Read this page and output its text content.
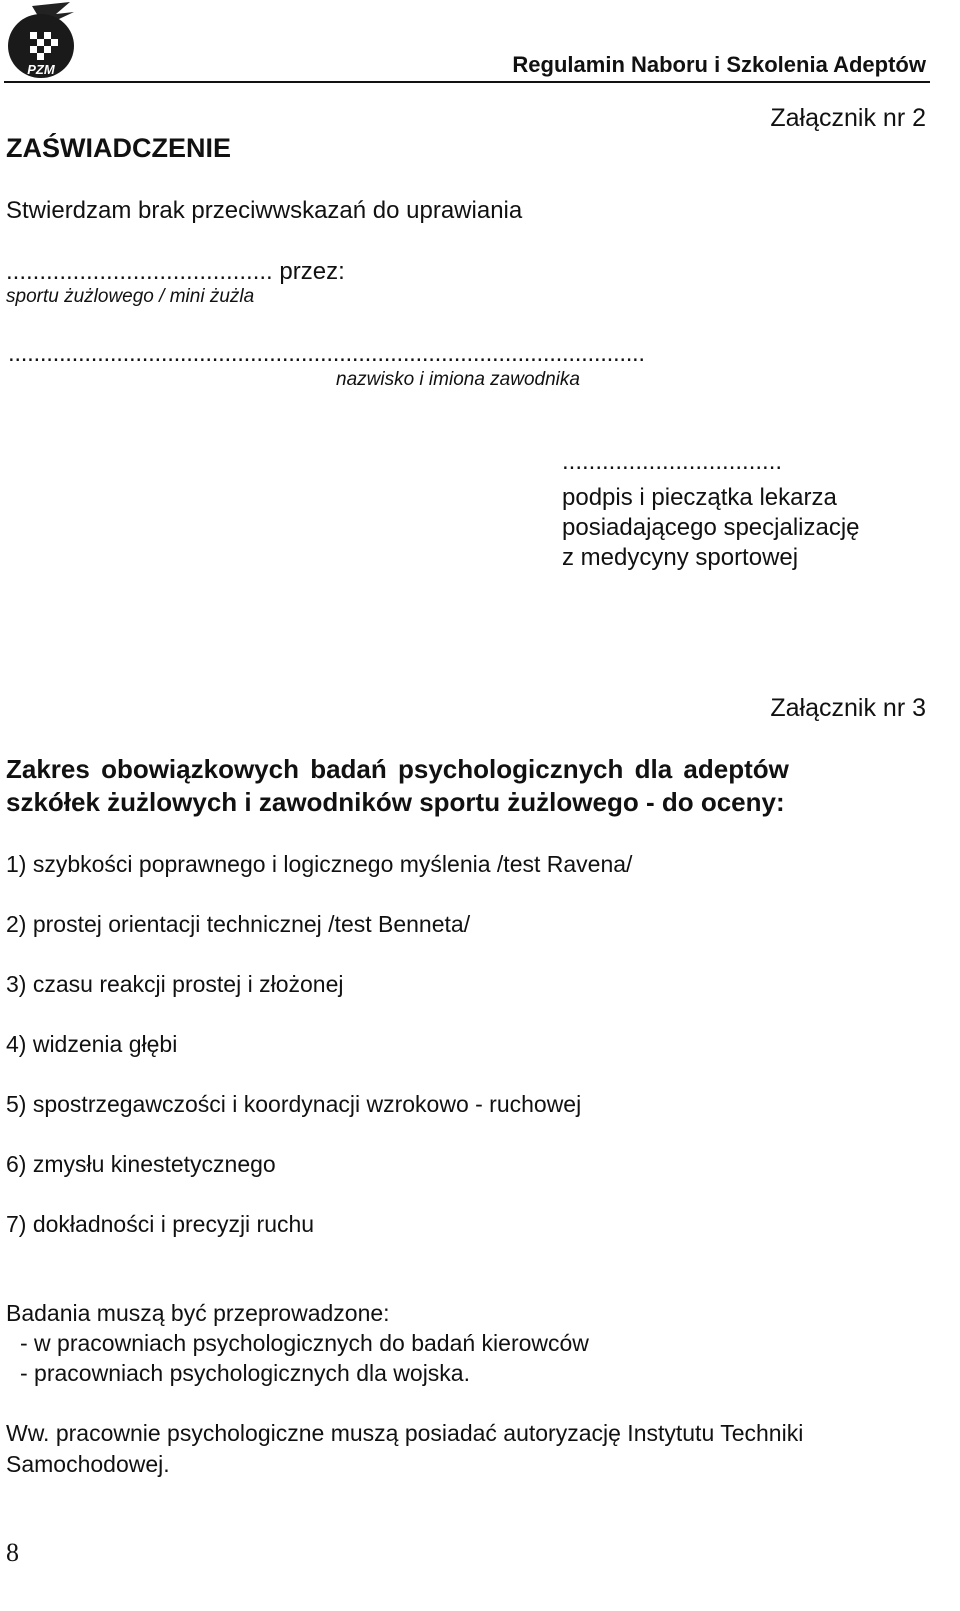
PZM	Regulamin Naboru i Szkolenia Adeptów
Załącznik nr 2
ZAŚWIADCZENIE
Stwierdzam brak przeciwwskazań do uprawiania
........................................ przez:
sportu żużlowego / mini żużla
....................................................................................................
nazwisko i imiona zawodnika
.................................
podpis i pieczątka lekarza
posiadającego specjalizację
z medycyny sportowej
Załącznik nr 3
Zakres obowiązkowych badań psychologicznych dla adeptów
szkółek żużlowych i zawodników sportu żużlowego - do oceny:
1) szybkości poprawnego i logicznego myślenia /test Ravena/
2) prostej orientacji technicznej /test Benneta/
3) czasu reakcji prostej i złożonej
4) widzenia głębi
5) spostrzegawczości i koordynacji wzrokowo - ruchowej
6) zmysłu kinestetycznego
7) dokładności i precyzji ruchu
Badania muszą być przeprowadzone:
- w pracowniach psychologicznych do badań kierowców
- pracowniach psychologicznych dla wojska.
Ww. pracownie psychologiczne muszą posiadać autoryzację Instytutu Techniki
Samochodowej.
8
